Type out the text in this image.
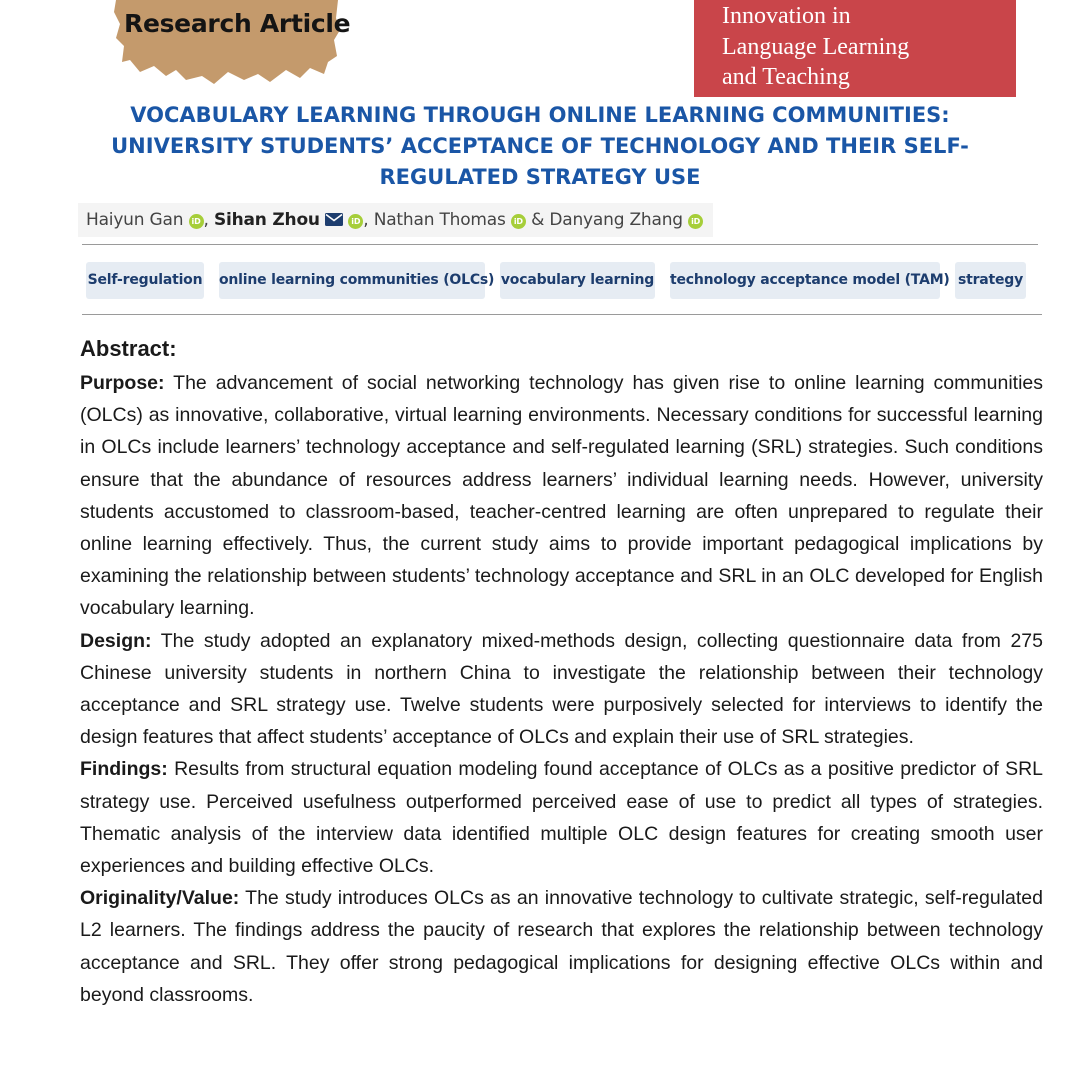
Research Article	Innovation in
Language Learning
and Teaching
VOCABULARY LEARNING THROUGH ONLINE LEARNING COMMUNITIES:
UNIVERSITY STUDENTS’ ACCEPTANCE OF TECHNOLOGY AND THEIR SELF-
REGULATED STRATEGY USE
Haiyun Gan iD , Sihan Zhou	iD , Nathan Thomas iD & Danyang Zhang iD
Self-regulation online learning communities (OLCs) vocabulary learning technology acceptance model (TAM) strategy
Abstract:

Purpose: The advancement of social networking technology has given rise to online learning communities (OLCs) as innovative, collaborative, virtual learning environments. Necessary conditions for successful learning in OLCs include learners’ technology acceptance and self-regulated learning (SRL) strategies. Such conditions ensure that the abundance of resources address learners’ individual learning needs. However, university students accustomed to classroom-based, teacher-centred learning are often unprepared to regulate their online learning effectively. Thus, the current study aims to provide important pedagogical implications by examining the relationship between students’ technology acceptance and SRL in an OLC developed for English vocabulary learning.

Design: The study adopted an explanatory mixed-methods design, collecting questionnaire data from 275 Chinese university students in northern China to investigate the relationship between their technology acceptance and SRL strategy use. Twelve students were purposively selected for interviews to identify the design features that affect students’ acceptance of OLCs and explain their use of SRL strategies.

Findings: Results from structural equation modeling found acceptance of OLCs as a positive predictor of SRL strategy use. Perceived usefulness outperformed perceived ease of use to predict all types of strategies. Thematic analysis of the interview data identified multiple OLC design features for creating smooth user experiences and building effective OLCs.

Originality/Value: The study introduces OLCs as an innovative technology to cultivate strategic, self-regulated L2 learners. The findings address the paucity of research that explores the relationship between technology acceptance and SRL. They offer strong pedagogical implications for designing effective OLCs within and beyond classrooms.
